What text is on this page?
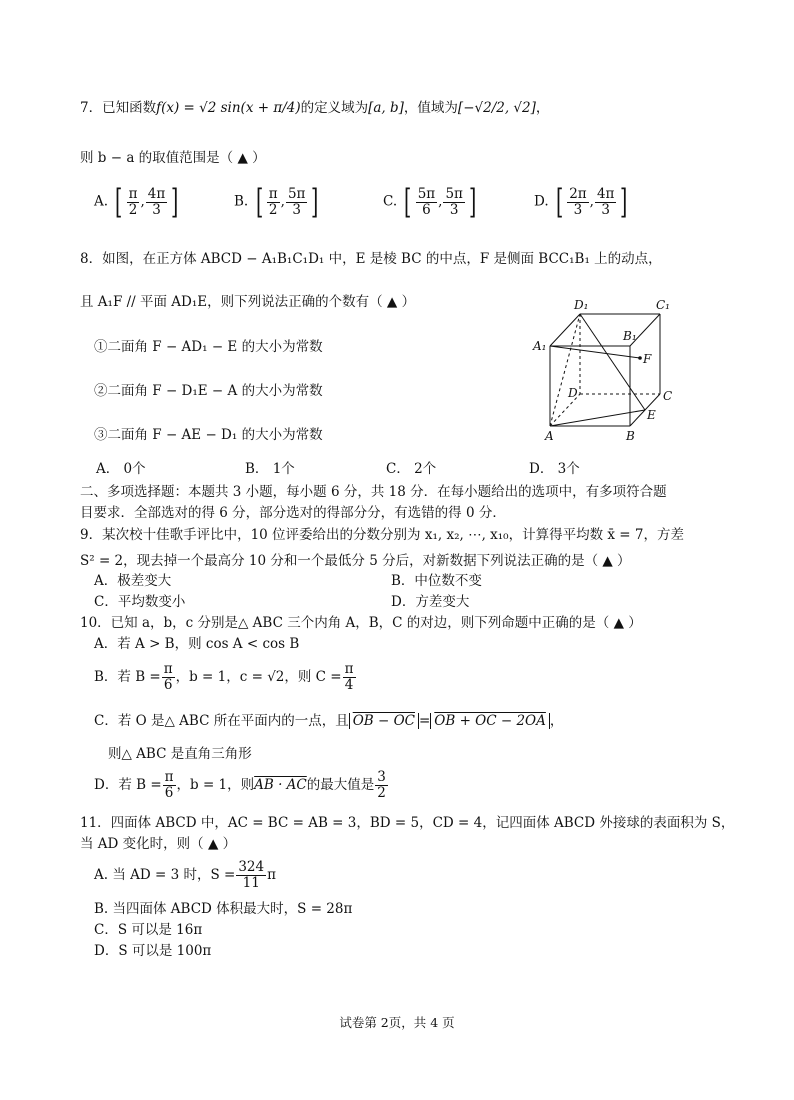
7．已知函数f(x) = √2 sin(x + π/4)的定义域为[a, b]，值域为[−√2/2, √2]，
则 b − a 的取值范围是（ ▲ ）
A. [ $\frac{\pi}{2}$ , $\frac{4\pi}{3}$ ]	B. [ $\frac{\pi}{2}$ , $\frac{5\pi}{3}$ ]	C. [ $\frac{5\pi}{6}$ , $\frac{5\pi}{3}$ ]	D. [ $\frac{2\pi}{3}$ , $\frac{4\pi}{3}$ ]
8．如图，在正方体 ABCD − A₁B₁C₁D₁ 中，E 是棱 BC 的中点，F 是侧面 BCC₁B₁ 上的动点，
且 A₁F // 平面 AD₁E，则下列说法正确的个数有（ ▲ ）
①二面角 F − AD₁ − E 的大小为常数
②二面角 F − D₁E − A 的大小为常数
③二面角 F − AE − D₁ 的大小为常数
A． 0个	B． 1个	C． 2个	D． 3个
D₁	C₁
A₁
B₁
F
D	C
E
A	B
二、多项选择题：本题共 3 小题，每小题 6 分，共 18 分．在每小题给出的选项中，有多项符合题
目要求．全部选对的得 6 分，部分选对的得部分分，有选错的得 0 分．
9．某次校十佳歌手评比中，10 位评委给出的分数分别为 x₁, x₂, ⋯, x₁₀，计算得平均数 x̄ = 7，方差
S² = 2，现去掉一个最高分 10 分和一个最低分 5 分后，对新数据下列说法正确的是（ ▲ ）
A．极差变大	B．中位数不变
C．平均数变小	D．方差变大
10．已知 a，b，c 分别是△ ABC 三个内角 A，B，C 的对边，则下列命题中正确的是（ ▲ ）
A．若 A > B，则 cos A < cos B
B．若 $B = \frac{\pi}{6}$ ，b = 1，c = √2，则 $C = \frac{\pi}{4}$
C．若 O 是△ ABC 所在平面内的一点，且 OB − OC = OB + OC − 2OA ，
则△ ABC 是直角三角形
D．若 $B = \frac{\pi}{6}$ ，b = 1，则AB · AC的最大值是 $\frac{3}{2}$
11．四面体 ABCD 中，AC = BC = AB = 3，BD = 5，CD = 4，记四面体 ABCD 外接球的表面积为 S，
当 AD 变化时，则（ ▲ ）
A. 当 AD = 3 时，$S = \frac{324}{11}$ π
B. 当四面体 ABCD 体积最大时，S = 28π
C．S 可以是 16π
D．S 可以是 100π
试卷第 2页，共 4 页
